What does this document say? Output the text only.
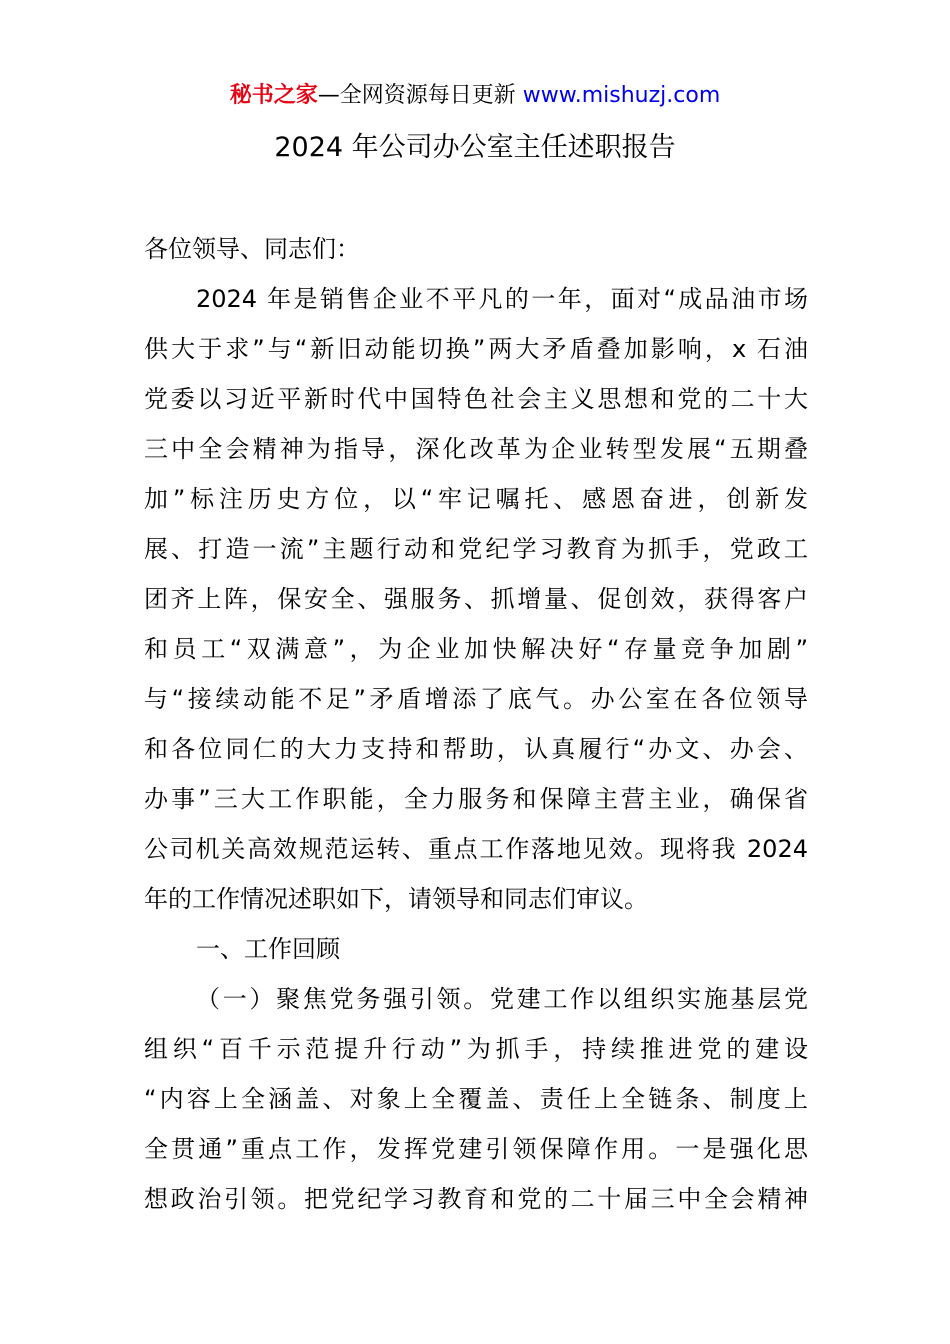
秘书之家—全网资源每日更新 www.mishuzj.com
2024 年公司办公室主任述职报告
各位领导、同志们：
2024 年是销售企业不平凡的一年，面对“成品油市场
供大于求”与“新旧动能切换”两大矛盾叠加影响，x 石油
党委以习近平新时代中国特色社会主义思想和党的二十大
三中全会精神为指导，深化改革为企业转型发展“五期叠
加”标注历史方位，以“牢记嘱托、感恩奋进，创新发
展、打造一流”主题行动和党纪学习教育为抓手，党政工
团齐上阵，保安全、强服务、抓增量、促创效，获得客户
和员工“双满意”，为企业加快解决好“存量竞争加剧”
与“接续动能不足”矛盾增添了底气。办公室在各位领导
和各位同仁的大力支持和帮助，认真履行“办文、办会、
办事”三大工作职能，全力服务和保障主营主业，确保省
公司机关高效规范运转、重点工作落地见效。现将我 2024
年的工作情况述职如下，请领导和同志们审议。
一、工作回顾
（一）聚焦党务强引领。党建工作以组织实施基层党
组织“百千示范提升行动”为抓手，持续推进党的建设
“内容上全涵盖、对象上全覆盖、责任上全链条、制度上
全贯通”重点工作，发挥党建引领保障作用。一是强化思
想政治引领。把党纪学习教育和党的二十届三中全会精神
